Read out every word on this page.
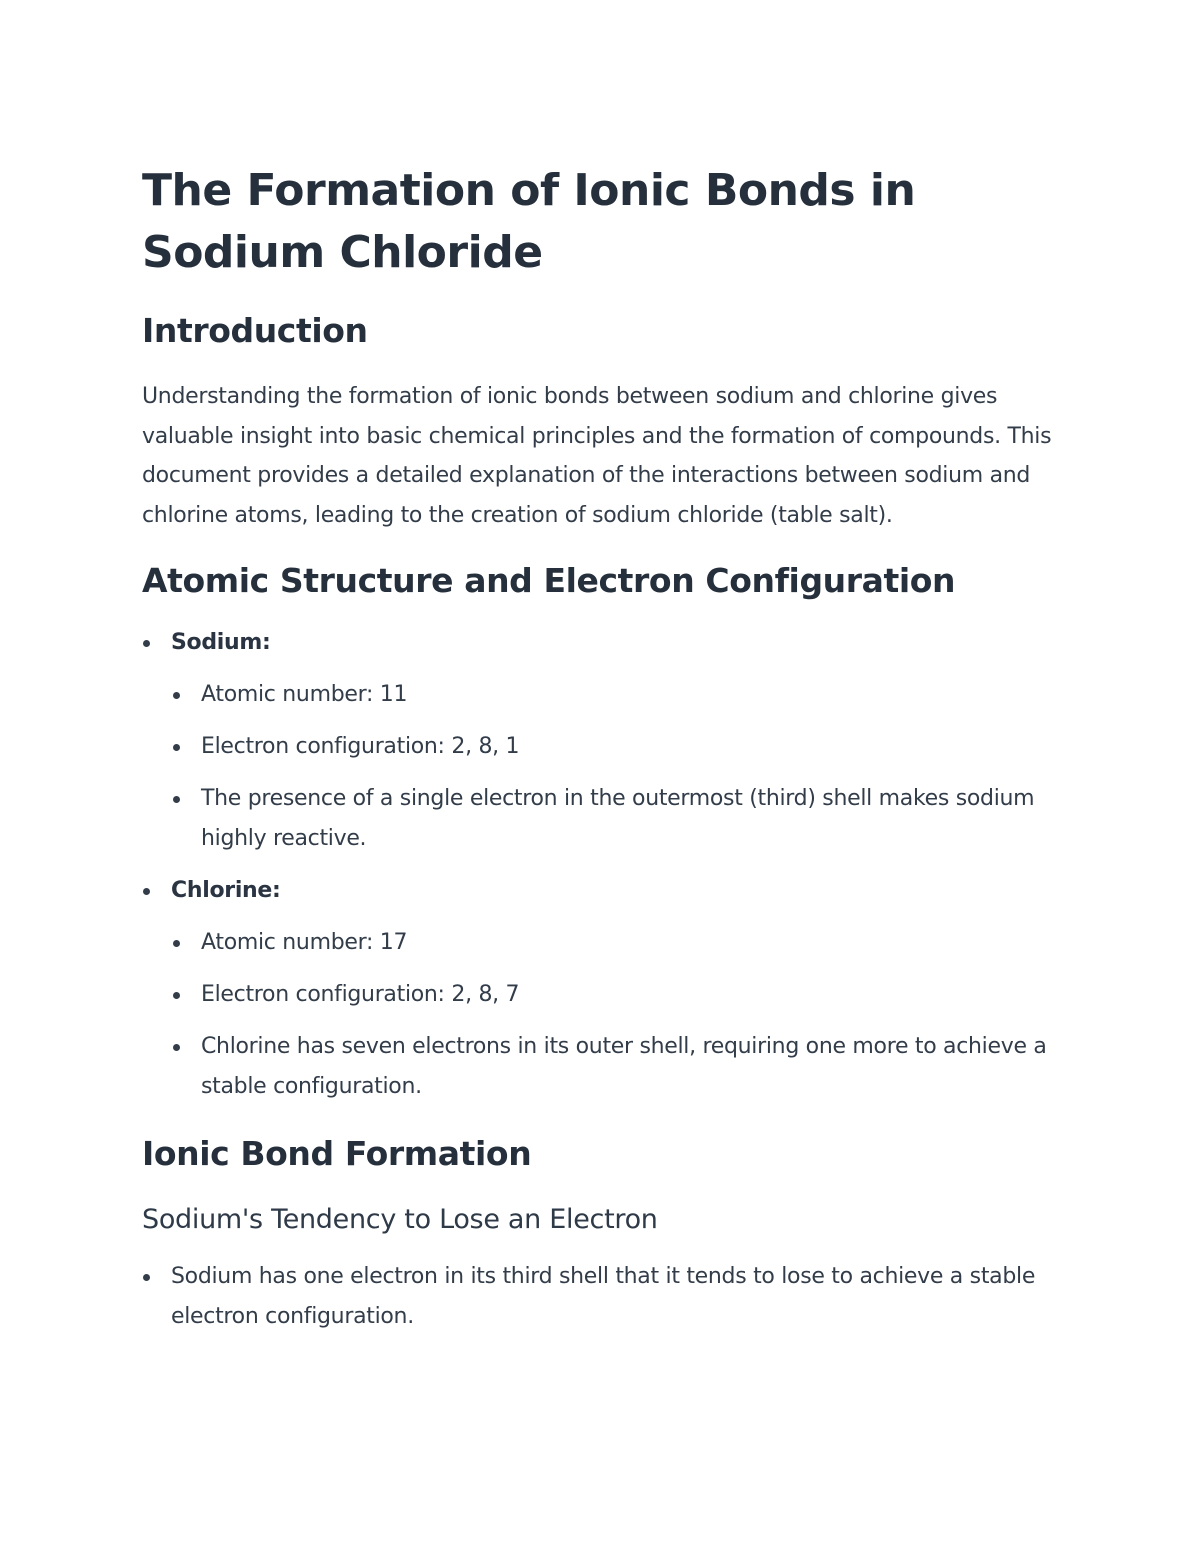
The Formation of Ionic Bonds in Sodium Chloride
Introduction

Understanding the formation of ionic bonds between sodium and chlorine gives valuable insight into basic chemical principles and the formation of compounds. This document provides a detailed explanation of the interactions between sodium and chlorine atoms, leading to the creation of sodium chloride (table salt).

Atomic Structure and Electron Configuration
Sodium:
Atomic number: 11
Electron configuration: 2, 8, 1
The presence of a single electron in the outermost (third) shell makes sodium highly reactive.
Chlorine:
Atomic number: 17
Electron configuration: 2, 8, 7
Chlorine has seven electrons in its outer shell, requiring one more to achieve a stable configuration.
Ionic Bond Formation
Sodium's Tendency to Lose an Electron
Sodium has one electron in its third shell that it tends to lose to achieve a stable electron configuration.
